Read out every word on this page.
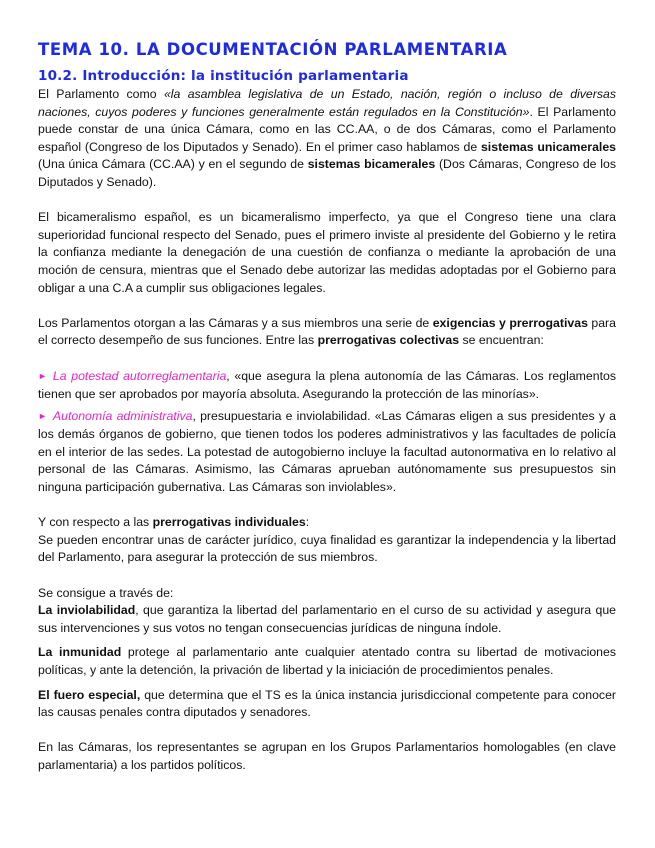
TEMA 10. LA DOCUMENTACIÓN PARLAMENTARIA
10.2. Introducción: la institución parlamentaria

El Parlamento como «la asamblea legislativa de un Estado, nación, región o incluso de diversas naciones, cuyos poderes y funciones generalmente están regulados en la Constitución». El Parlamento puede constar de una única Cámara, como en las CC.AA, o de dos Cámaras, como el Parlamento español (Congreso de los Diputados y Senado). En el primer caso hablamos de sistemas unicamerales (Una única Cámara (CC.AA) y en el segundo de sistemas bicamerales (Dos Cámaras, Congreso de los Diputados y Senado).

El bicameralismo español, es un bicameralismo imperfecto, ya que el Congreso tiene una clara superioridad funcional respecto del Senado, pues el primero inviste al presidente del Gobierno y le retira la confianza mediante la denegación de una cuestión de confianza o mediante la aprobación de una moción de censura, mientras que el Senado debe autorizar las medidas adoptadas por el Gobierno para obligar a una C.A a cumplir sus obligaciones legales.

Los Parlamentos otorgan a las Cámaras y a sus miembros una serie de exigencias y prerrogativas para el correcto desempeño de sus funciones. Entre las prerrogativas colectivas se encuentran:

► La potestad autorreglamentaria, «que asegura la plena autonomía de las Cámaras. Los reglamentos tienen que ser aprobados por mayoría absoluta. Asegurando la protección de las minorías».

► Autonomía administrativa, presupuestaria e inviolabilidad. «Las Cámaras eligen a sus presidentes y a los demás órganos de gobierno, que tienen todos los poderes administrativos y las facultades de policía en el interior de las sedes. La potestad de autogobierno incluye la facultad autonormativa en lo relativo al personal de las Cámaras. Asimismo, las Cámaras aprueban autónomamente sus presupuestos sin ninguna participación gubernativa. Las Cámaras son inviolables».

Y con respecto a las prerrogativas individuales:
Se pueden encontrar unas de carácter jurídico, cuya finalidad es garantizar la independencia y la libertad del Parlamento, para asegurar la protección de sus miembros.

Se consigue a través de:

La inviolabilidad, que garantiza la libertad del parlamentario en el curso de su actividad y asegura que sus intervenciones y sus votos no tengan consecuencias jurídicas de ninguna índole.

La inmunidad protege al parlamentario ante cualquier atentado contra su libertad de motivaciones políticas, y ante la detención, la privación de libertad y la iniciación de procedimientos penales.

El fuero especial, que determina que el TS es la única instancia jurisdiccional competente para conocer las causas penales contra diputados y senadores.

En las Cámaras, los representantes se agrupan en los Grupos Parlamentarios homologables (en clave parlamentaria) a los partidos políticos.
